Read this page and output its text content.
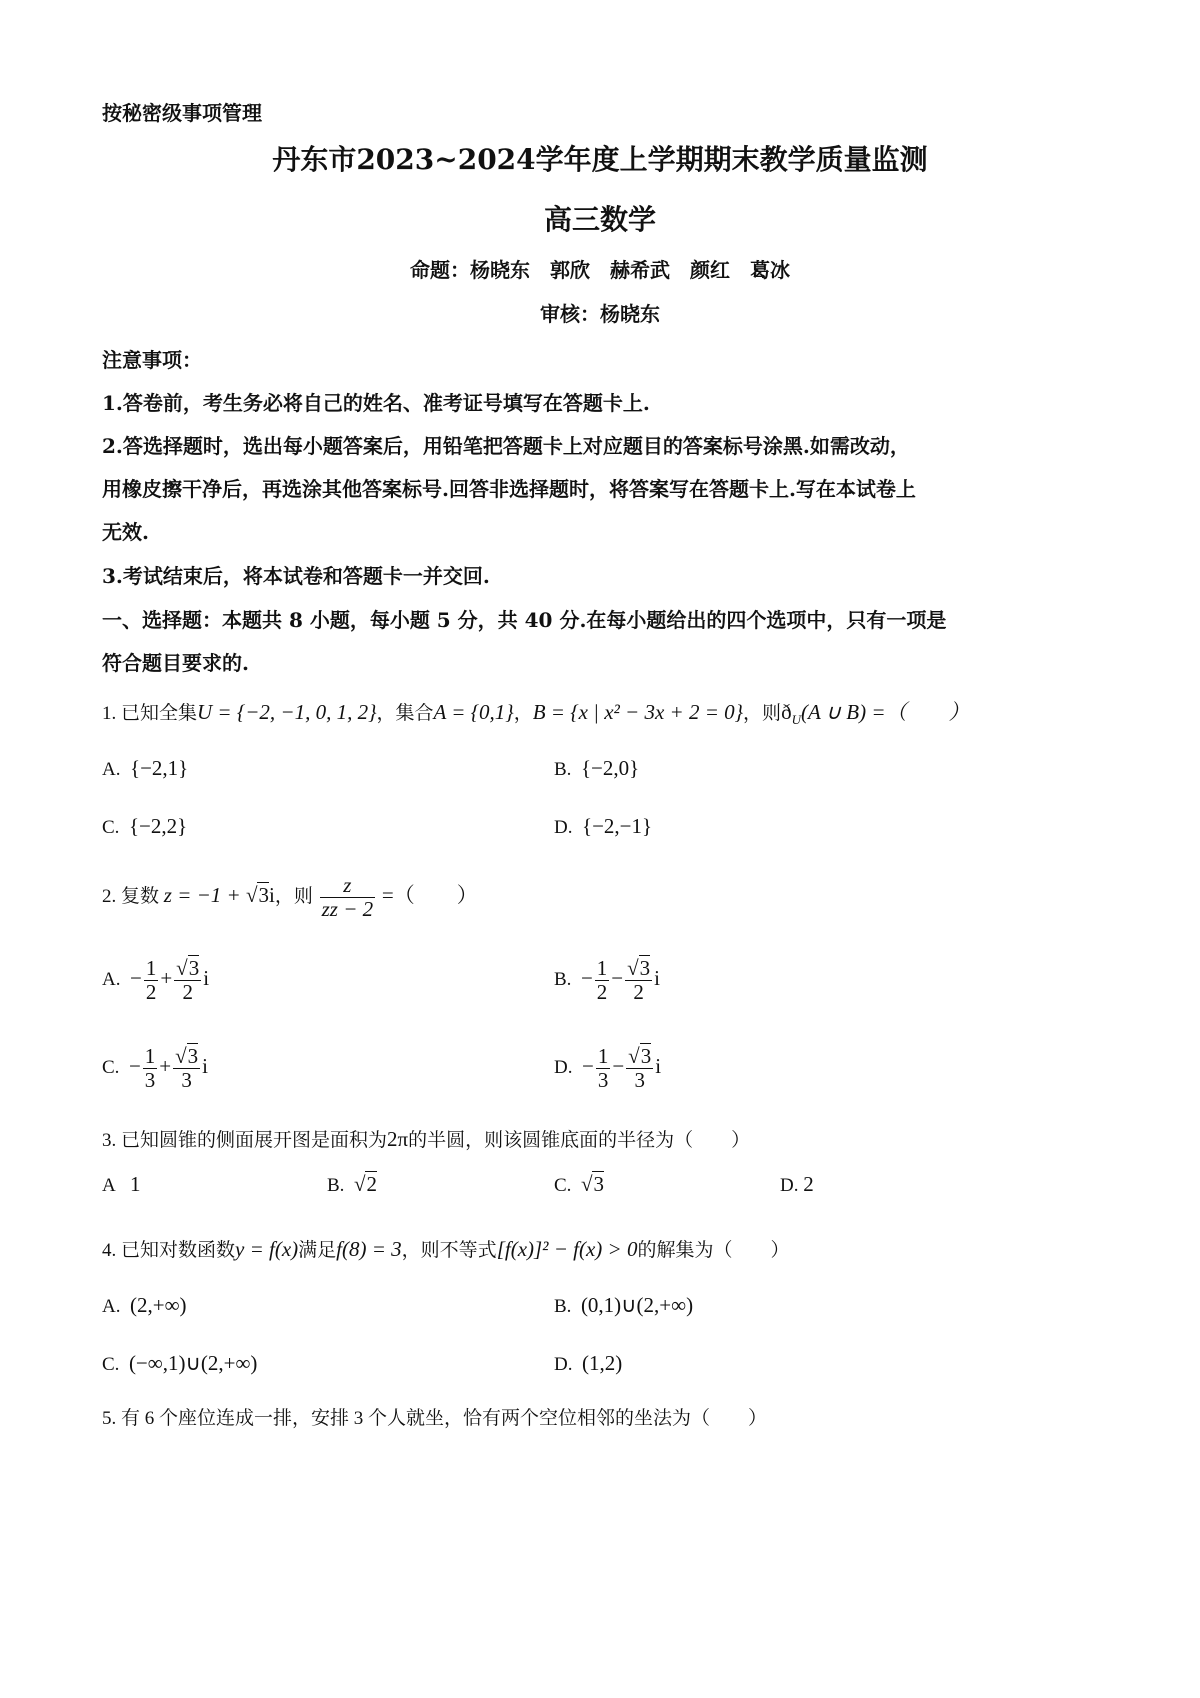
按秘密级事项管理
丹东市2023~2024学年度上学期期末教学质量监测
高三数学
命题：杨晓东　郭欣　赫希武　颜红　葛冰
审核：杨晓东
注意事项：
1.答卷前，考生务必将自己的姓名、准考证号填写在答题卡上.
2.答选择题时，选出每小题答案后，用铅笔把答题卡上对应题目的答案标号涂黑.如需改动，
用橡皮擦干净后，再选涂其他答案标号.回答非选择题时，将答案写在答题卡上.写在本试卷上
无效.
3.考试结束后，将本试卷和答题卡一并交回.
一、选择题：本题共 8 小题，每小题 5 分，共 40 分.在每小题给出的四个选项中，只有一项是
符合题目要求的.
1. 已知全集U = {−2, −1, 0, 1, 2}，集合A = {0,1}，B = {x | x² − 3x + 2 = 0}，则$ð_U(A$ ∪ B) =（　　）
A. {−2,1}	B. {−2,0}
C. {−2,2}	D. {−2,−1}
2. 复数 z = −1 + √3i，则 $\frac{z}{zz - 2}$ =（　　）
A. − $\frac{1}{2} + \frac{√3}{2}$ i	B. − $\frac{1}{2} - \frac{√3}{2}$ i
C. − $\frac{1}{3} + \frac{√3}{3}$ i	D. − $\frac{1}{3} - \frac{√3}{3}$ i
3. 已知圆锥的侧面展开图是面积为2π的半圆，则该圆锥底面的半径为（　　）
A 1	B. √2	C. √3	D. 2
4. 已知对数函数y = f(x)满足f(8) = 3，则不等式[f(x)]² − f(x) > 0的解集为（　　）
A. (2,+∞)	B. (0,1)∪(2,+∞)
C. (−∞,1)∪(2,+∞)	D. (1,2)
5. 有 6 个座位连成一排，安排 3 个人就坐，恰有两个空位相邻的坐法为（　　）
